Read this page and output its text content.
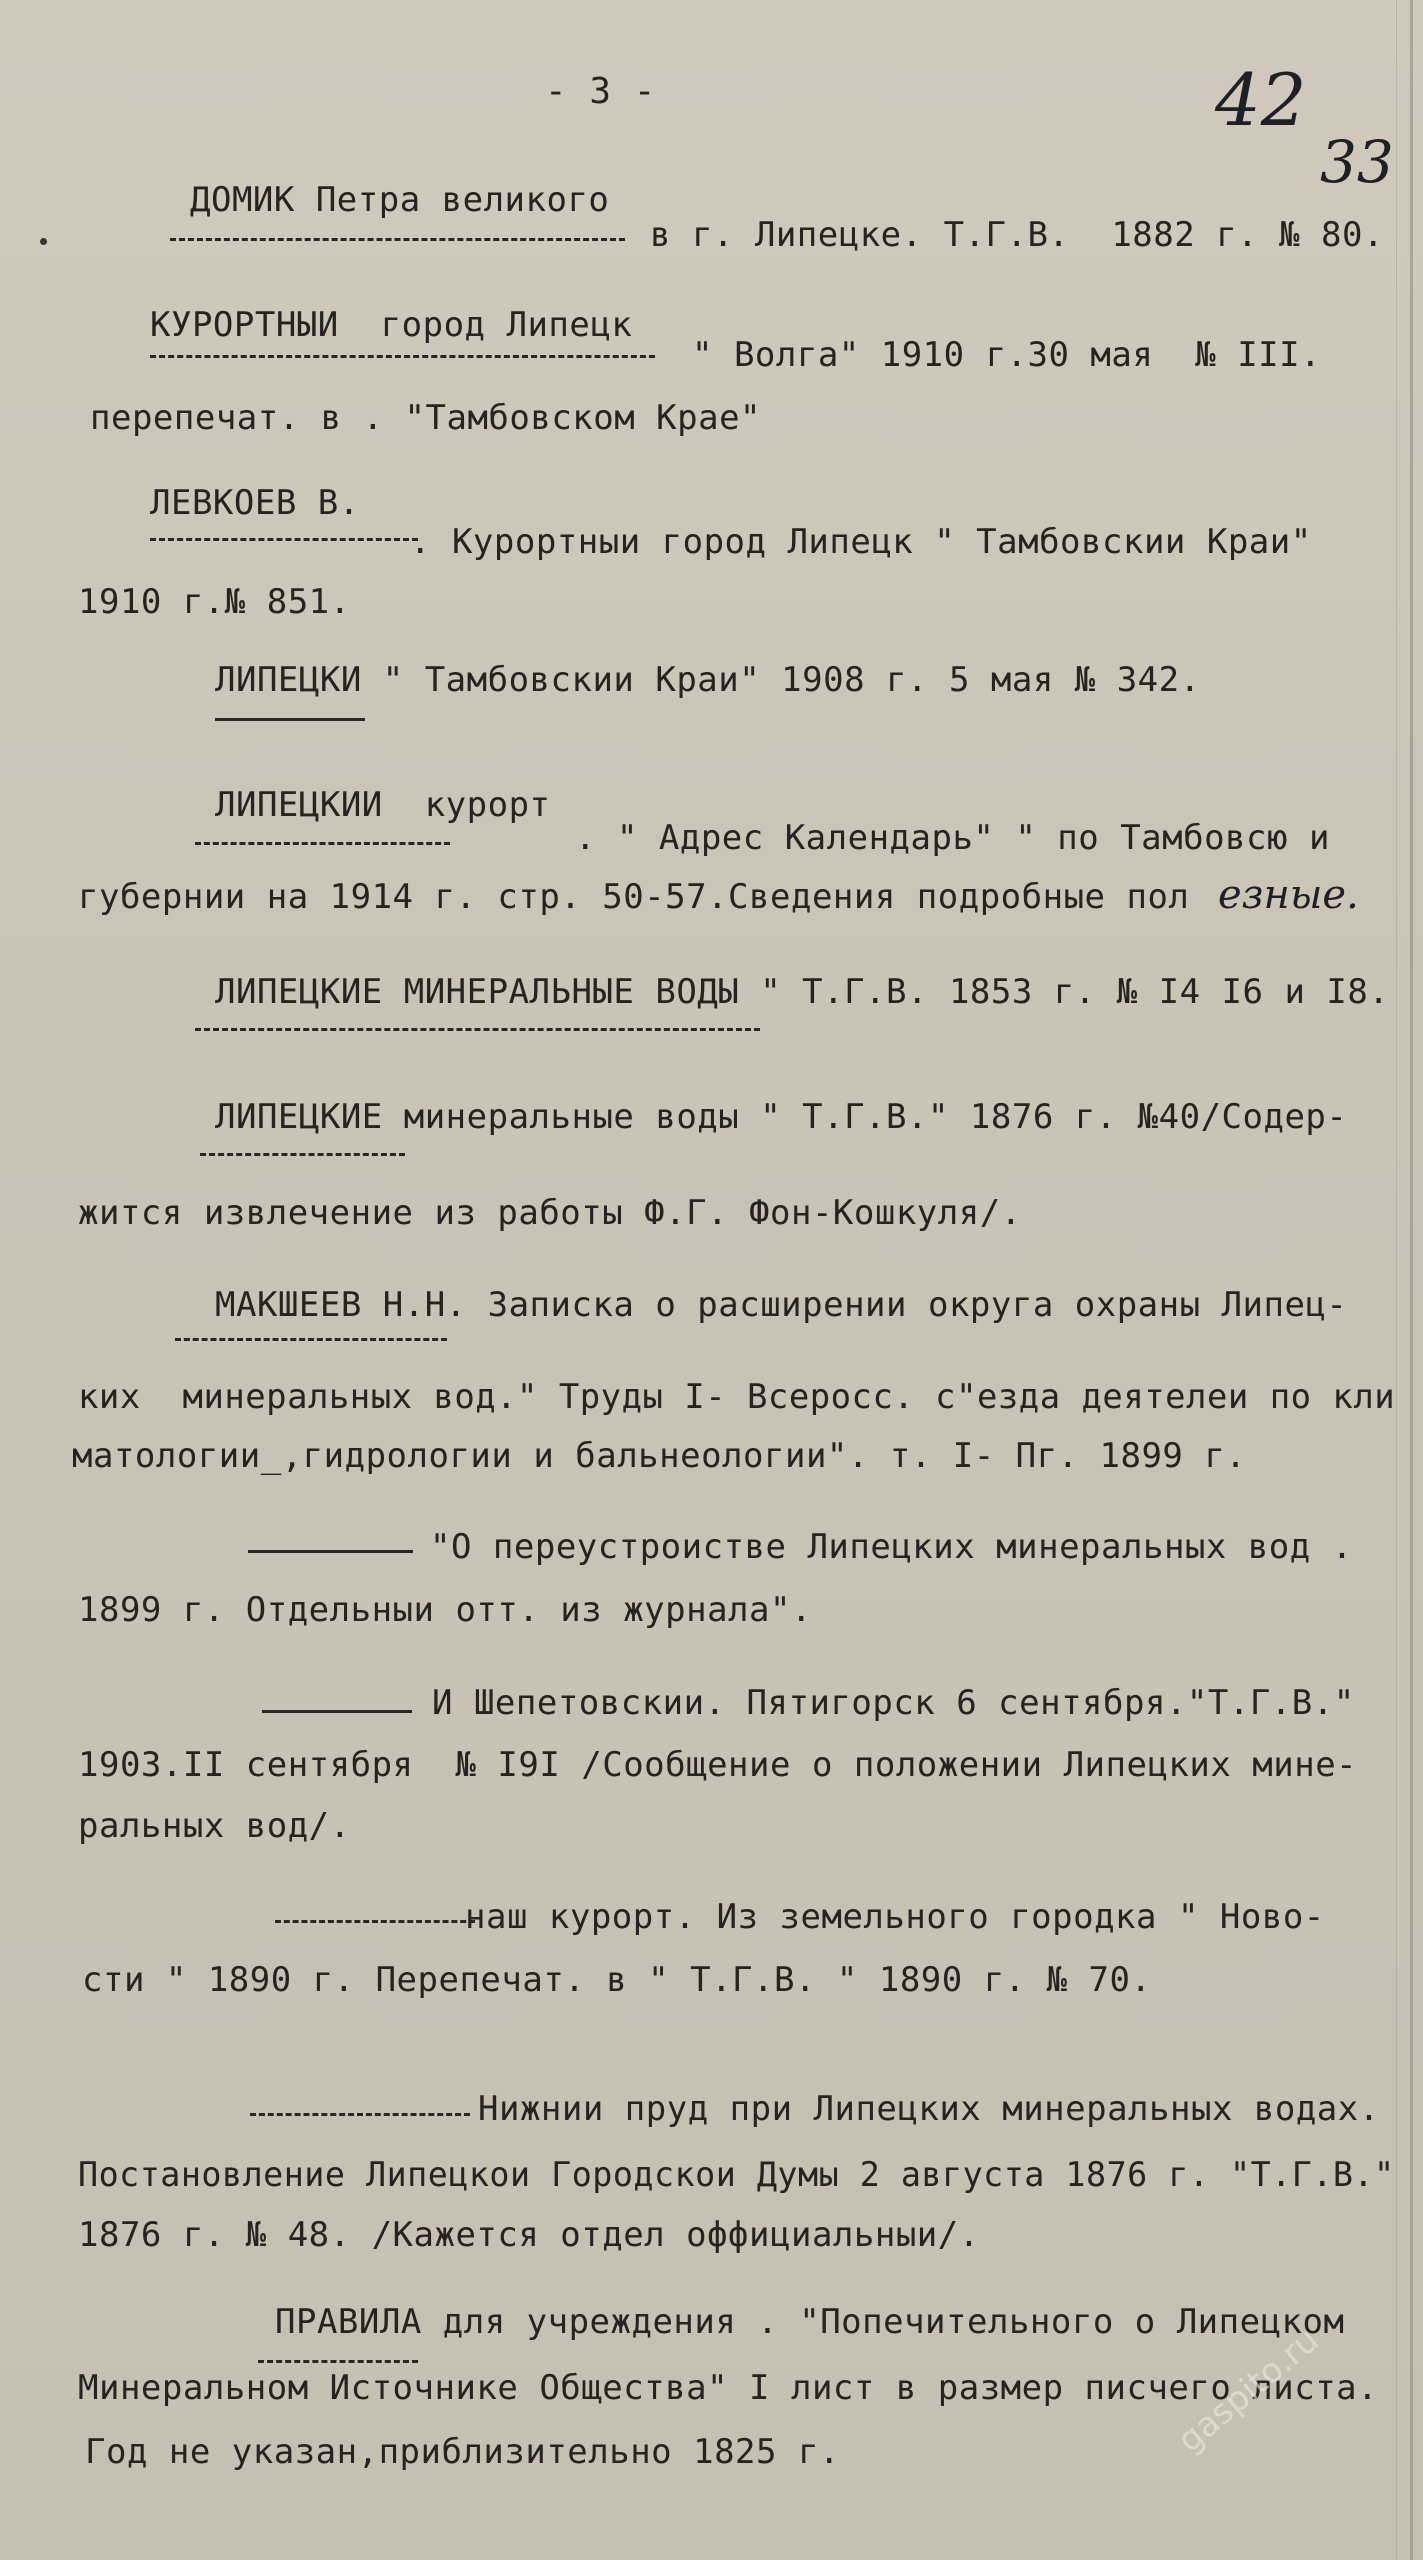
- 3 -	42
33
ДОМИК Петра великого
в г. Липецке. Т.Г.В.  1882 г. № 80.
КУРОРТНЫИ  город Липецк
" Волга" 1910 г.30 мая  № III.
перепечат. в . "Тамбовском Крае"
ЛЕВКОЕВ В.
. Курортныи город Липецк " Тамбовскии Краи"
1910 г.№ 851.
ЛИПЕЦКИ " Тамбовскии Краи" 1908 г. 5 мая № 342.
ЛИПЕЦКИИ  курорт
. " Адрес Календарь" " по Тамбовсю и
губернии на 1914 г. стр. 50-57.Сведения подробные пол езные.
ЛИПЕЦКИЕ МИНЕРАЛЬНЫЕ ВОДЫ " Т.Г.В. 1853 г. № I4 I6 и I8.
ЛИПЕЦКИЕ минеральные воды " Т.Г.В." 1876 г. №40/Содер-
жится извлечение из работы Ф.Г. Фон-Кошкуля/.
МАКШЕЕВ Н.Н. Записка о расширении округа охраны Липец-
ких  минеральных вод." Труды I- Всеросс. с"езда деятелеи по кли
матологии_,гидрологии и бальнеологии". т. I- Пг. 1899 г.
"О переустроистве Липецких минеральных вод .
1899 г. Отдельныи отт. из журнала".
И Шепетовскии. Пятигорск 6 сентября."Т.Г.В."
1903.II сентября  № I9I /Сообщение о положении Липецких мине-
ральных вод/.
наш курорт. Из земельного городка " Ново-
сти " 1890 г. Перепечат. в " Т.Г.В. " 1890 г. № 70.
Нижнии пруд при Липецких минеральных водах.
Постановление Липецкои Городскои Думы 2 августа 1876 г. "Т.Г.В."
1876 г. № 48. /Кажется отдел оффициальныи/.
ПРАВИЛА для учреждения . "Попечительного о Липецком
Минеральном Источнике Общества" I лист в размер писчего листа.
Год не указан,приблизительно 1825 г.	gaspito.ru
